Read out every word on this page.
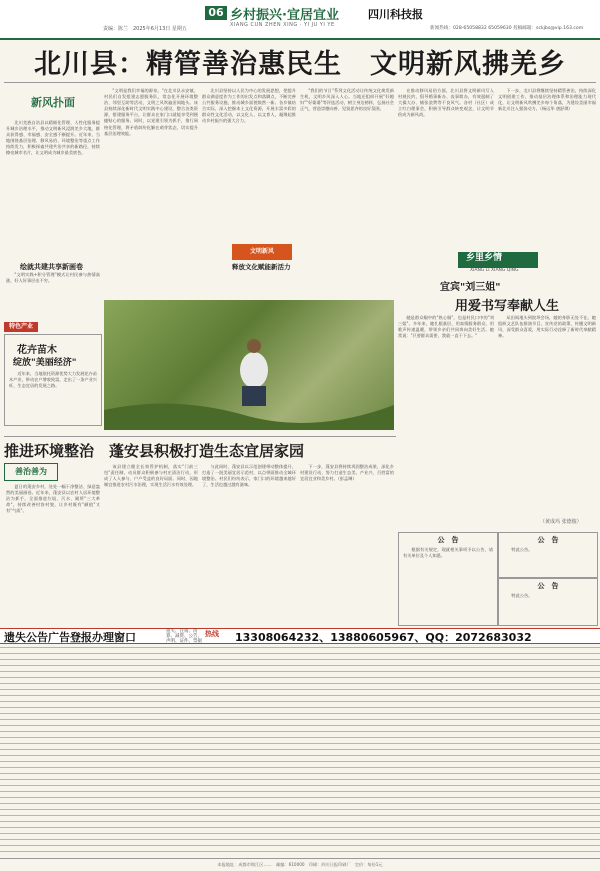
06 乡村振兴·宜居宜业
XIANG CUN ZHEN XING · YI JU YI YE
责编：陈兰　2025年6月13日 星期五
四川科技报
新闻热线：028-65058832 65059630 投稿邮箱：sckjbs@vip.163.com
北川县：精管善治惠民生　文明新风拂羌乡
新风扑面

北川羌族自治县以精细化管理、人性化服务提升城乡治理水平，推动文明新风浸润羌乡大地，群众获得感、幸福感、安全感不断提升。近年来，当地围绕基层治理、移风易俗、环境整治等重点工作持续发力，积极探索共建共治共享的新路径，持续擦亮城市名片，让文明成为城乡最美底色。

绘就共建共享新画卷

"文明实践+积分管理"模式让村民参与热情高涨，好人好事层出不穷。

特色产业
花卉苗木
绽放"美丽经济"

近年来，当地依托资源优势大力发展花卉苗木产业，带动农户增收致富，走出了一条产业兴旺、生态宜居的发展之路。

"文明是我们幸福的源泉。"在北川县永安镇，村民们自发组建志愿服务队，常态化开展环境整治、邻里互助等活动，文明之风吹遍田间地头。该县持续深化新时代文明实践中心建设，整合各类资源，搭建服务平台，让群众在家门口就能享受到便捷贴心的服务。同时，以党建引领为抓手，推行网格化管理，将矛盾纠纷化解在萌芽状态，切实提升基层治理效能。

北川县坚持以人民为中心的发展思想，把提升群众满意度作为工作的出发点和落脚点，不断完善公共服务设施，推动城乡面貌焕然一新。各乡镇结合实际，深入挖掘本土文化资源，开展丰富多彩的群众性文化活动，以文化人、以文育人，凝聚起推动乡村振兴的强大合力。

"我们的节日"系列文化活动让传统文化焕发新生机，文明乡风深入人心。当地还组织开展"好媳妇""好婆婆"等评选活动，树立身边榜样，弘扬社会正气，营造崇德向善、见贤思齐的良好氛围。

文明新风
释放文化赋能新活力

在推动移风易俗方面，北川县将文明新风写入村规民约，倡导婚事新办、丧事简办，有效遏制了大操大办、铺张浪费等不良风气。各村（社区）成立红白理事会，积极引导群众转变观念，让文明节俭成为新风尚。

下一步，北川县将继续坚持精管善治，持续深化文明创建工作，推动基层治理体系和治理能力现代化，让文明新风吹拂羌乡每个角落，为建设美丽幸福新北川注入强劲动力。（杨远华 唐舒琪）

乡里乡情
XIANG LI XIANG QING
宜宾"刘三姐"
用爱书写奉献人生

她是群众眼中的"热心肠"，也是村民口中的"刘三姐"。多年来，她扎根基层，用真情服务群众，用歌声传递温暖，带领乡亲们共同奔向美好生活。她常说："只要群众需要，我就一直干下去。"

从田间地头到院坝会场，她的身影无处不在。她组织文艺队伍排演节目，宣传党的政策，传播文明新风，深受群众喜爱，用实际行动诠释了新时代奉献精神。

（黄成玛 张德俊）
推进环境整治　蓬安县积极打造生态宜居家园
善治善为

夏日的蓬安乡村，处处一幅干净整洁、绿意盎然的美丽画卷。近年来，蓬安县以农村人居环境整治为抓手，全面推进垃圾、污水、厕所"三大革命"，持续改善村容村貌，让乡村既有"颜值"又有"气质"。

该县建立健全长效管护机制，落实"门前三包"责任制，动员群众积极参与村庄清洁行动，形成了人人参与、户户受益的良好局面。同时，因地制宜推进农村污水治理，实现生活污水有效处理。

与此同时，蓬安县以示范创建带动整体提升，打造了一批美丽宜居示范村，以点带面推动全域环境整治。村民们纷纷表示，家门口的环境越来越好了，生活也越过越有滋味。

下一步，蓬安县将持续巩固整治成果，深化乡村建设行动，努力打造生态美、产业兴、百姓富的宜居宜业和美乡村。（彭孟琳）

公　告

根据有关规定，现就相关事项予以公告，请有关单位及个人知悉。

公　告

特此公告。

公　告

特此公告。

遗失公告广告登报办理窗口	遗失、注销、清算、减资、公告、声明、证件、票据
热线 13308064232、13880605967、QQ：2072683032
本报地址：成都市锦江区……　邮编：610000　印刷：四川日报印刷厂　定价：每份1元
